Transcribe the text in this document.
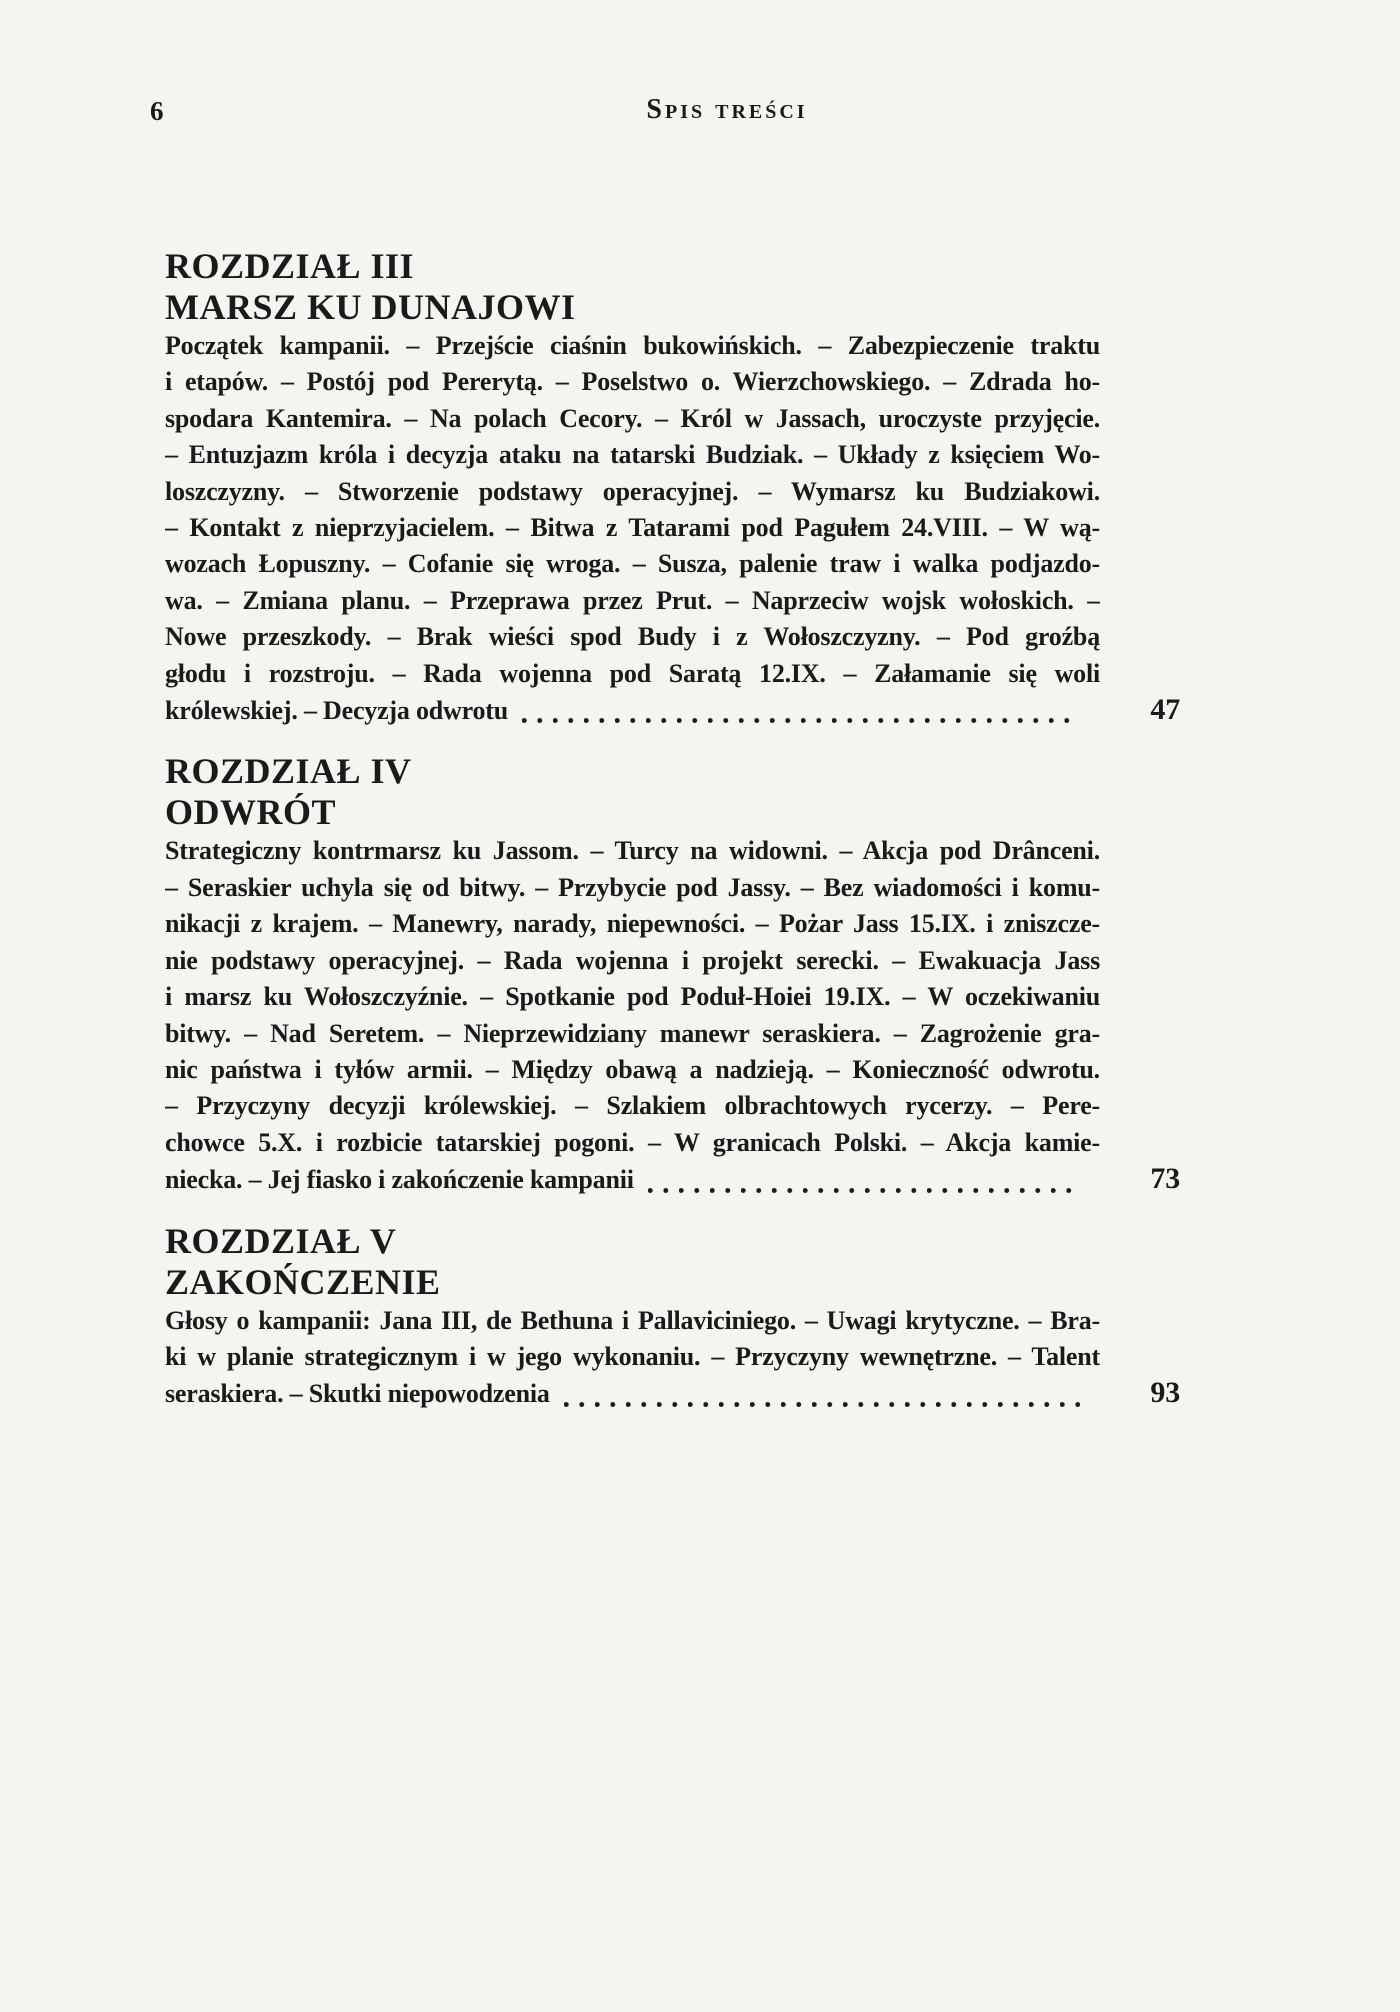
6	Spis treści
ROZDZIAŁ III
MARSZ KU DUNAJOWI
Początek kampanii. – Przejście ciaśnin bukowińskich. – Zabezpieczenie traktu
i etapów. – Postój pod Pererytą. – Poselstwo o. Wierzchowskiego. – Zdrada ho-
spodara Kantemira. – Na polach Cecory. – Król w Jassach, uroczyste przyjęcie.
– Entuzjazm króla i decyzja ataku na tatarski Budziak. – Układy z księciem Wo-
loszczyzny. – Stworzenie podstawy operacyjnej. – Wymarsz ku Budziakowi.
– Kontakt z nieprzyjacielem. – Bitwa z Tatarami pod Pagułem 24.VIII. – W wą-
wozach Łopuszny. – Cofanie się wroga. – Susza, palenie traw i walka podjazdo-
wa. – Zmiana planu. – Przeprawa przez Prut. – Naprzeciw wojsk wołoskich. –
Nowe przeszkody. – Brak wieści spod Budy i z Wołoszczyzny. – Pod groźbą
głodu i rozstroju. – Rada wojenna pod Saratą 12.IX. – Załamanie się woli
królewskiej. – Decyzja odwrotu	47
ROZDZIAŁ IV
ODWRÓT
Strategiczny kontrmarsz ku Jassom. – Turcy na widowni. – Akcja pod Drânceni.
– Seraskier uchyla się od bitwy. – Przybycie pod Jassy. – Bez wiadomości i komu-
nikacji z krajem. – Manewry, narady, niepewności. – Pożar Jass 15.IX. i zniszcze-
nie podstawy operacyjnej. – Rada wojenna i projekt serecki. – Ewakuacja Jass
i marsz ku Wołoszczyźnie. – Spotkanie pod Poduł-Hoiei 19.IX. – W oczekiwaniu
bitwy. – Nad Seretem. – Nieprzewidziany manewr seraskiera. – Zagrożenie gra-
nic państwa i tyłów armii. – Między obawą a nadzieją. – Konieczność odwrotu.
– Przyczyny decyzji królewskiej. – Szlakiem olbrachtowych rycerzy. – Pere-
chowce 5.X. i rozbicie tatarskiej pogoni. – W granicach Polski. – Akcja kamie-
niecka. – Jej fiasko i zakończenie kampanii	73
ROZDZIAŁ V
ZAKOŃCZENIE
Głosy o kampanii: Jana III, de Bethuna i Pallaviciniego. – Uwagi krytyczne. – Bra-
ki w planie strategicznym i w jego wykonaniu. – Przyczyny wewnętrzne. – Talent
seraskiera. – Skutki niepowodzenia	93
